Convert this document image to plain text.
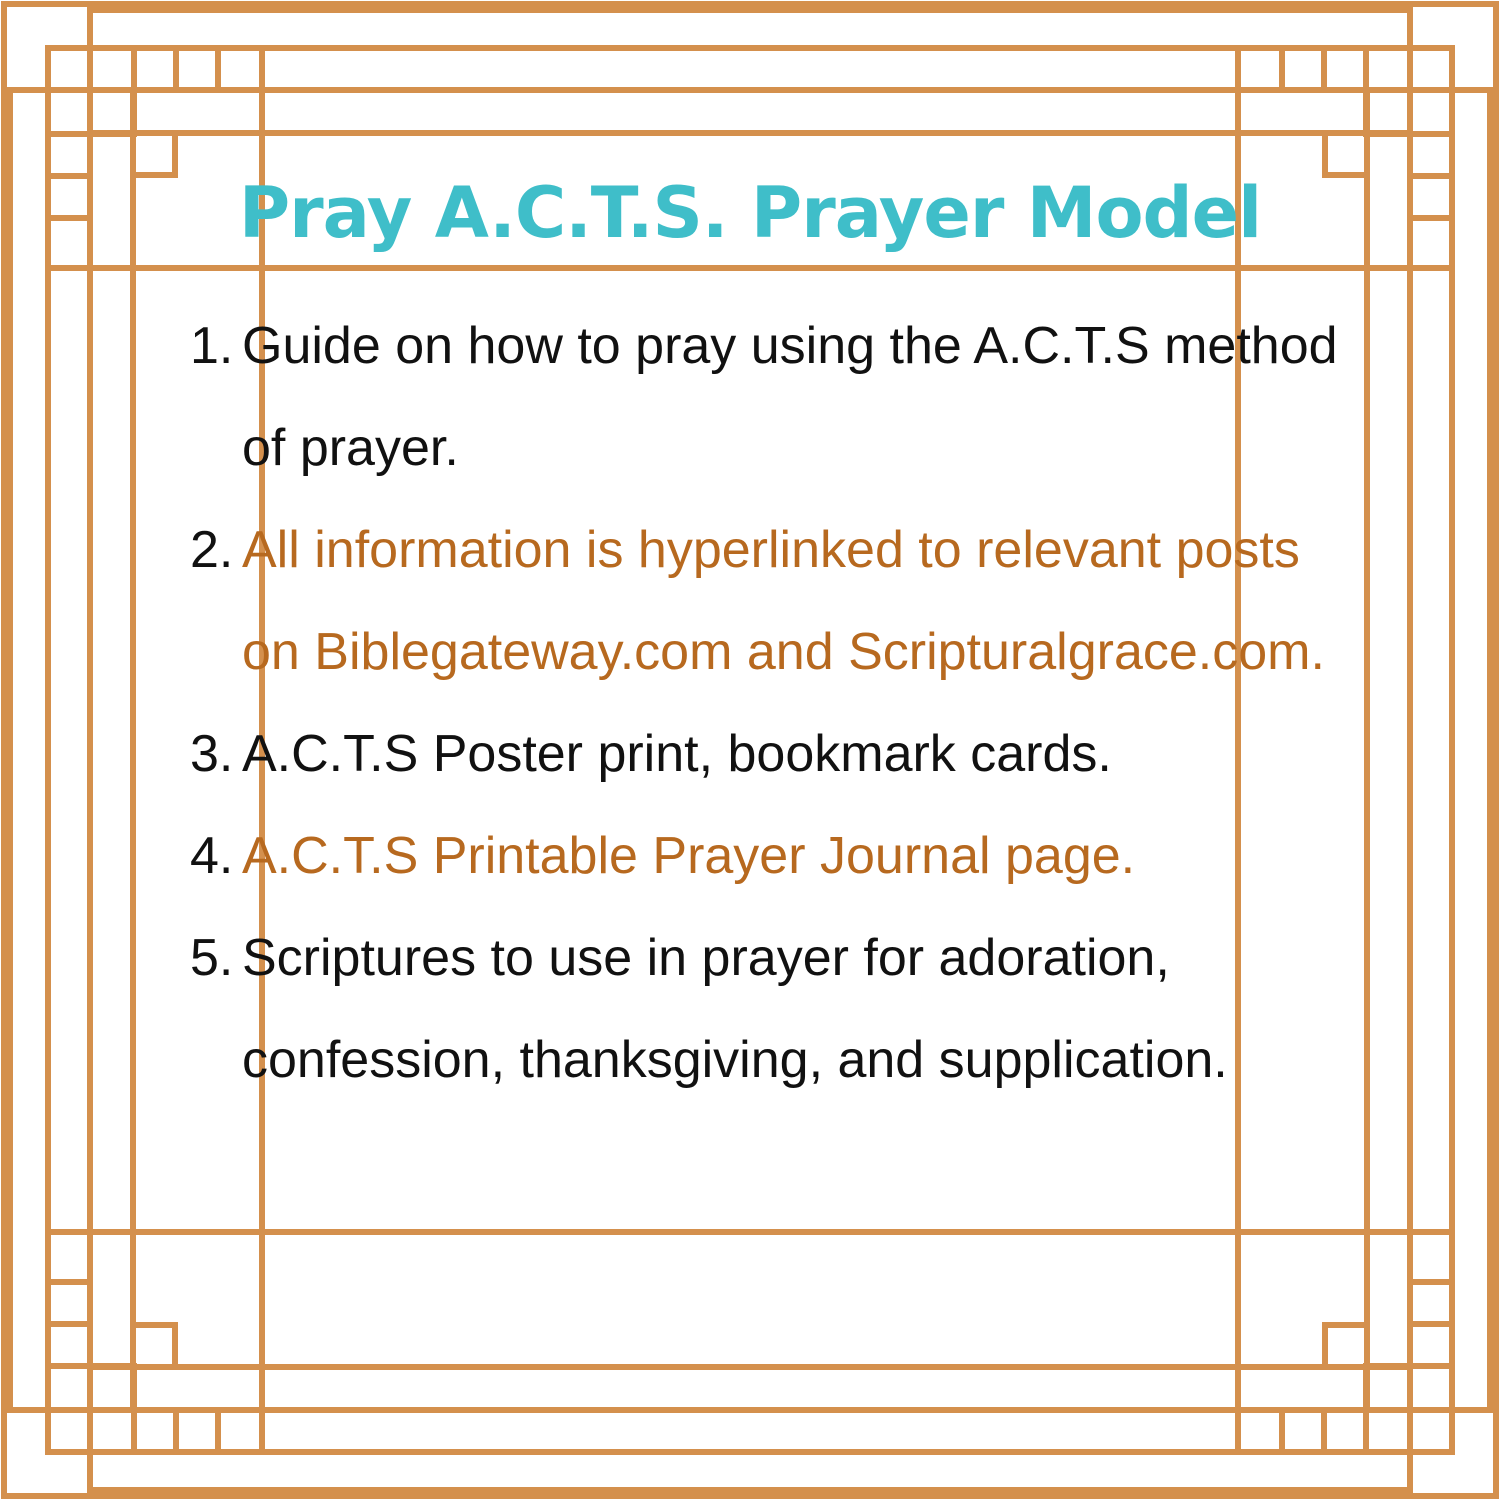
Pray A.C.T.S. Prayer Model
1. Guide on how to pray using the A.C.T.S method of prayer.
2. All information is hyperlinked to relevant posts on Biblegateway.com and Scripturalgrace.com.
3. A.C.T.S Poster print, bookmark cards.
4. A.C.T.S Printable Prayer Journal page.
5. Scriptures to use in prayer for adoration, confession, thanksgiving, and supplication.
